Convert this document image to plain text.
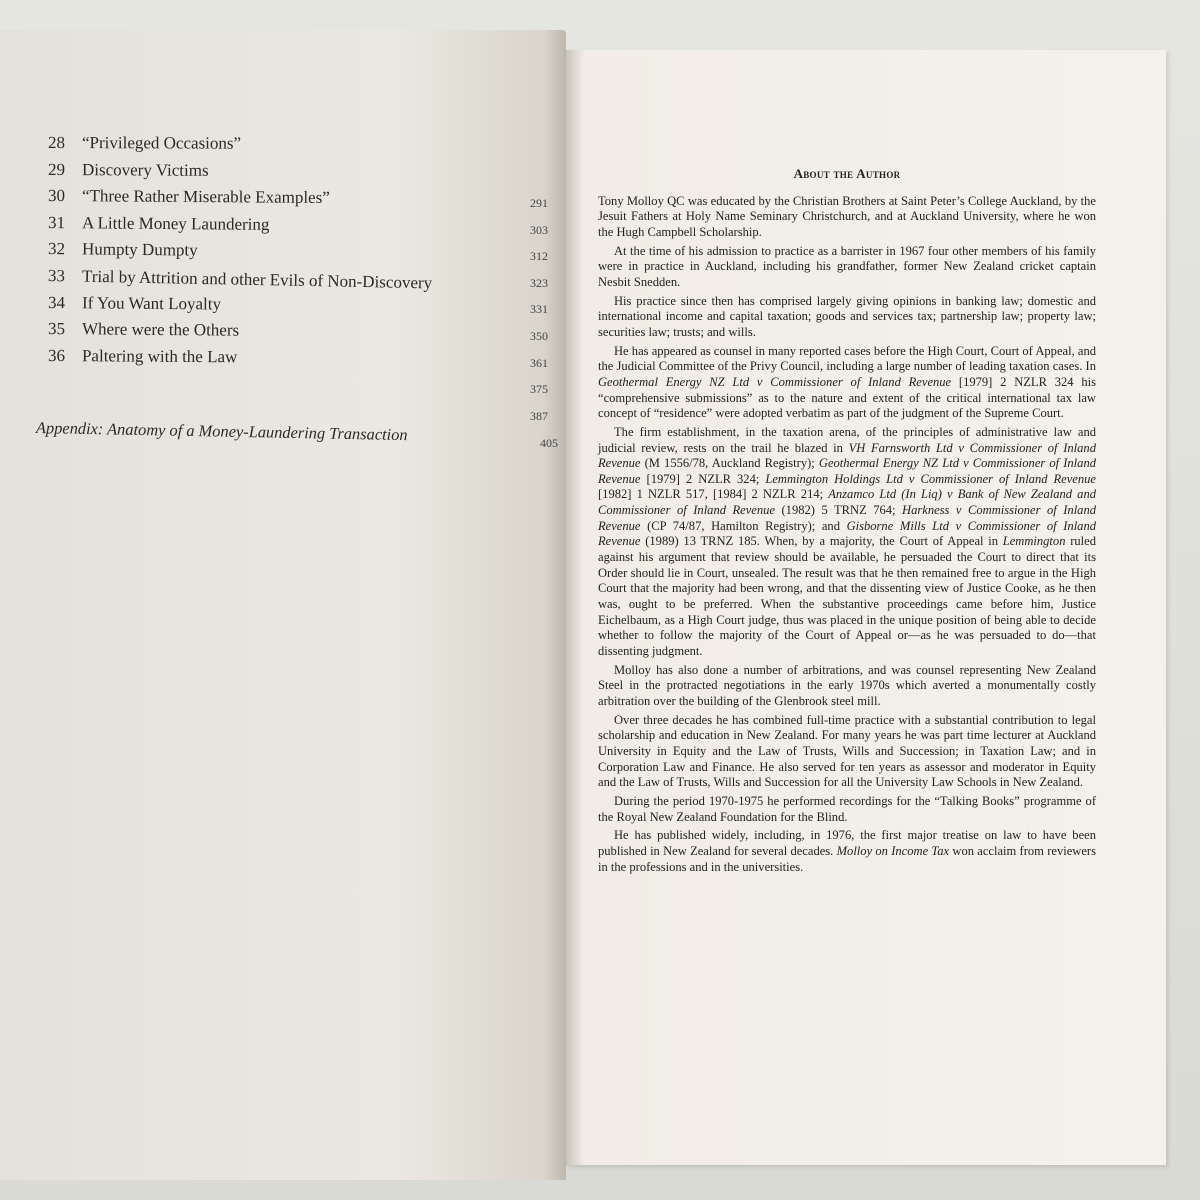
28 “Privileged Occasions”
29 Discovery Victims
30 “Three Rather Miserable Examples”
31 A Little Money Laundering
32 Humpty Dumpty
33 Trial by Attrition and other Evils of Non-Discovery
34 If You Want Loyalty
35 Where were the Others
36 Paltering with the Law
Appendix: Anatomy of a Money-Laundering Transaction
291
303
312
323
331
350
361
375
387
405
About the Author

Tony Molloy QC was educated by the Christian Brothers at Saint Peter’s College Auckland, by the Jesuit Fathers at Holy Name Seminary Christchurch, and at Auckland University, where he won the Hugh Campbell Scholarship.

At the time of his admission to practice as a barrister in 1967 four other members of his family were in practice in Auckland, including his grandfather, former New Zealand cricket captain Nesbit Snedden.

His practice since then has comprised largely giving opinions in banking law; domestic and international income and capital taxation; goods and services tax; partnership law; property law; securities law; trusts; and wills.

He has appeared as counsel in many reported cases before the High Court, Court of Appeal, and the Judicial Committee of the Privy Council, including a large number of leading taxation cases. In Geothermal Energy NZ Ltd v Commissioner of Inland Revenue [1979] 2 NZLR 324 his “comprehensive submissions” as to the nature and extent of the critical international tax law concept of “residence” were adopted verbatim as part of the judgment of the Supreme Court.

The firm establishment, in the taxation arena, of the principles of administrative law and judicial review, rests on the trail he blazed in VH Farnsworth Ltd v Commissioner of Inland Revenue (M 1556/78, Auckland Registry); Geothermal Energy NZ Ltd v Commissioner of Inland Revenue [1979] 2 NZLR 324; Lemmington Holdings Ltd v Commissioner of Inland Revenue [1982] 1 NZLR 517, [1984] 2 NZLR 214; Anzamco Ltd (In Liq) v Bank of New Zealand and Commissioner of Inland Revenue (1982) 5 TRNZ 764; Harkness v Commissioner of Inland Revenue (CP 74/87, Hamilton Registry); and Gisborne Mills Ltd v Commissioner of Inland Revenue (1989) 13 TRNZ 185. When, by a majority, the Court of Appeal in Lemmington ruled against his argument that review should be available, he persuaded the Court to direct that its Order should lie in Court, unsealed. The result was that he then remained free to argue in the High Court that the majority had been wrong, and that the dissenting view of Justice Cooke, as he then was, ought to be preferred. When the substantive proceedings came before him, Justice Eichelbaum, as a High Court judge, thus was placed in the unique position of being able to decide whether to follow the majority of the Court of Appeal or—as he was persuaded to do—that dissenting judgment.

Molloy has also done a number of arbitrations, and was counsel representing New Zealand Steel in the protracted negotiations in the early 1970s which averted a monumentally costly arbitration over the building of the Glenbrook steel mill.

Over three decades he has combined full-time practice with a substantial contribution to legal scholarship and education in New Zealand. For many years he was part time lecturer at Auckland University in Equity and the Law of Trusts, Wills and Succession; in Taxation Law; and in Corporation Law and Finance. He also served for ten years as assessor and moderator in Equity and the Law of Trusts, Wills and Succession for all the University Law Schools in New Zealand.

During the period 1970-1975 he performed recordings for the “Talking Books” programme of the Royal New Zealand Foundation for the Blind.

He has published widely, including, in 1976, the first major treatise on law to have been published in New Zealand for several decades. Molloy on Income Tax won acclaim from reviewers in the professions and in the universities.
